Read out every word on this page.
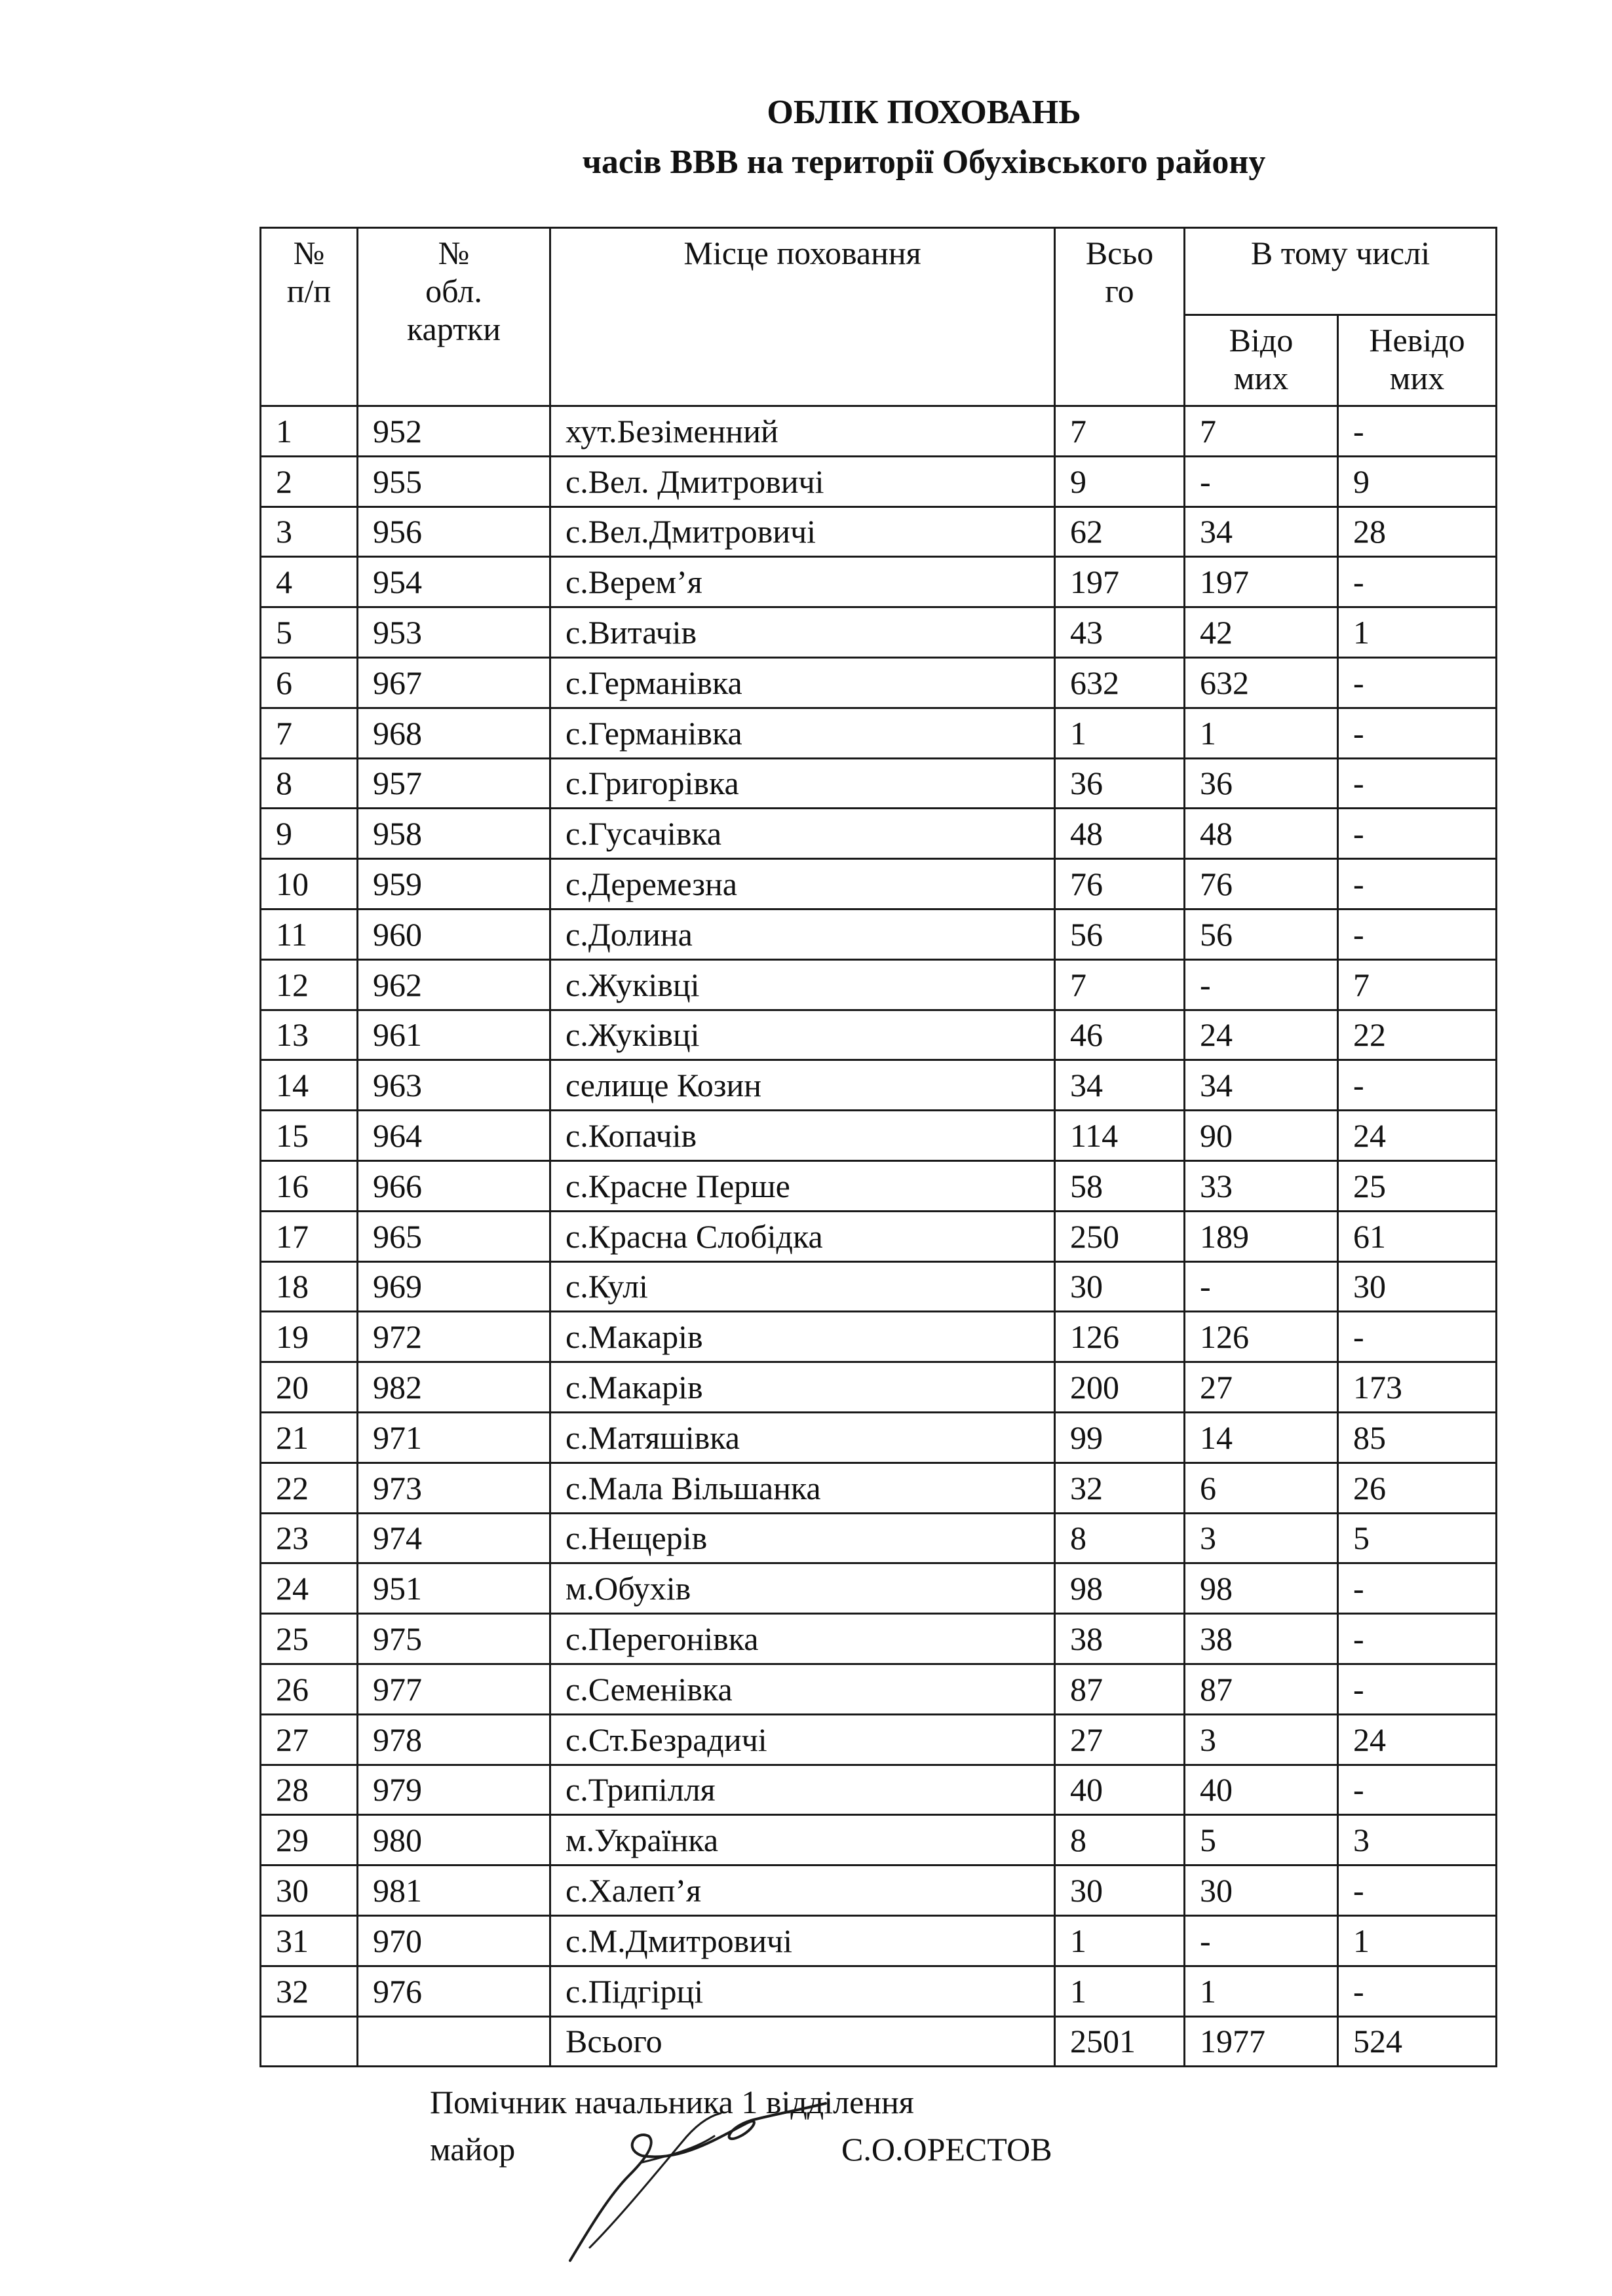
ОБЛІК ПОХОВАНЬ
часів ВВВ на території Обухівського району
№
п/п	№
обл.
картки	Місце поховання	Всьо
го	В тому числі	
				Відо
мих	Невідо
мих
1	952	хут.Безіменний	7	7	-
2	955	с.Вел. Дмитровичі	9	-	9
3	956	с.Вел.Дмитровичі	62	34	28
4	954	с.Верем’я	197	197	-
5	953	с.Витачів	43	42	1
6	967	с.Германівка	632	632	-
7	968	с.Германівка	1	1	-
8	957	с.Григорівка	36	36	-
9	958	с.Гусачівка	48	48	-
10	959	с.Деремезна	76	76	-
11	960	с.Долина	56	56	-
12	962	с.Жуківці	7	-	7
13	961	с.Жуківці	46	24	22
14	963	селище Козин	34	34	-
15	964	с.Копачів	114	90	24
16	966	с.Красне Перше	58	33	25
17	965	с.Красна Слобідка	250	189	61
18	969	с.Кулі	30	-	30
19	972	с.Макарів	126	126	-
20	982	с.Макарів	200	27	173
21	971	с.Матяшівка	99	14	85
22	973	с.Мала Вільшанка	32	6	26
23	974	с.Нещерів	8	3	5
24	951	м.Обухів	98	98	-
25	975	с.Перегонівка	38	38	-
26	977	с.Семенівка	87	87	-
27	978	с.Ст.Безрадичі	27	3	24
28	979	с.Трипілля	40	40	-
29	980	м.Українка	8	5	3
30	981	с.Халеп’я	30	30	-
31	970	с.М.Дмитровичі	1	-	1
32	976	с.Підгірці	1	1	-
		Всього	2501	1977	524
Помічник начальника 1 відділення
майор	С.О.ОРЕСТОВ
